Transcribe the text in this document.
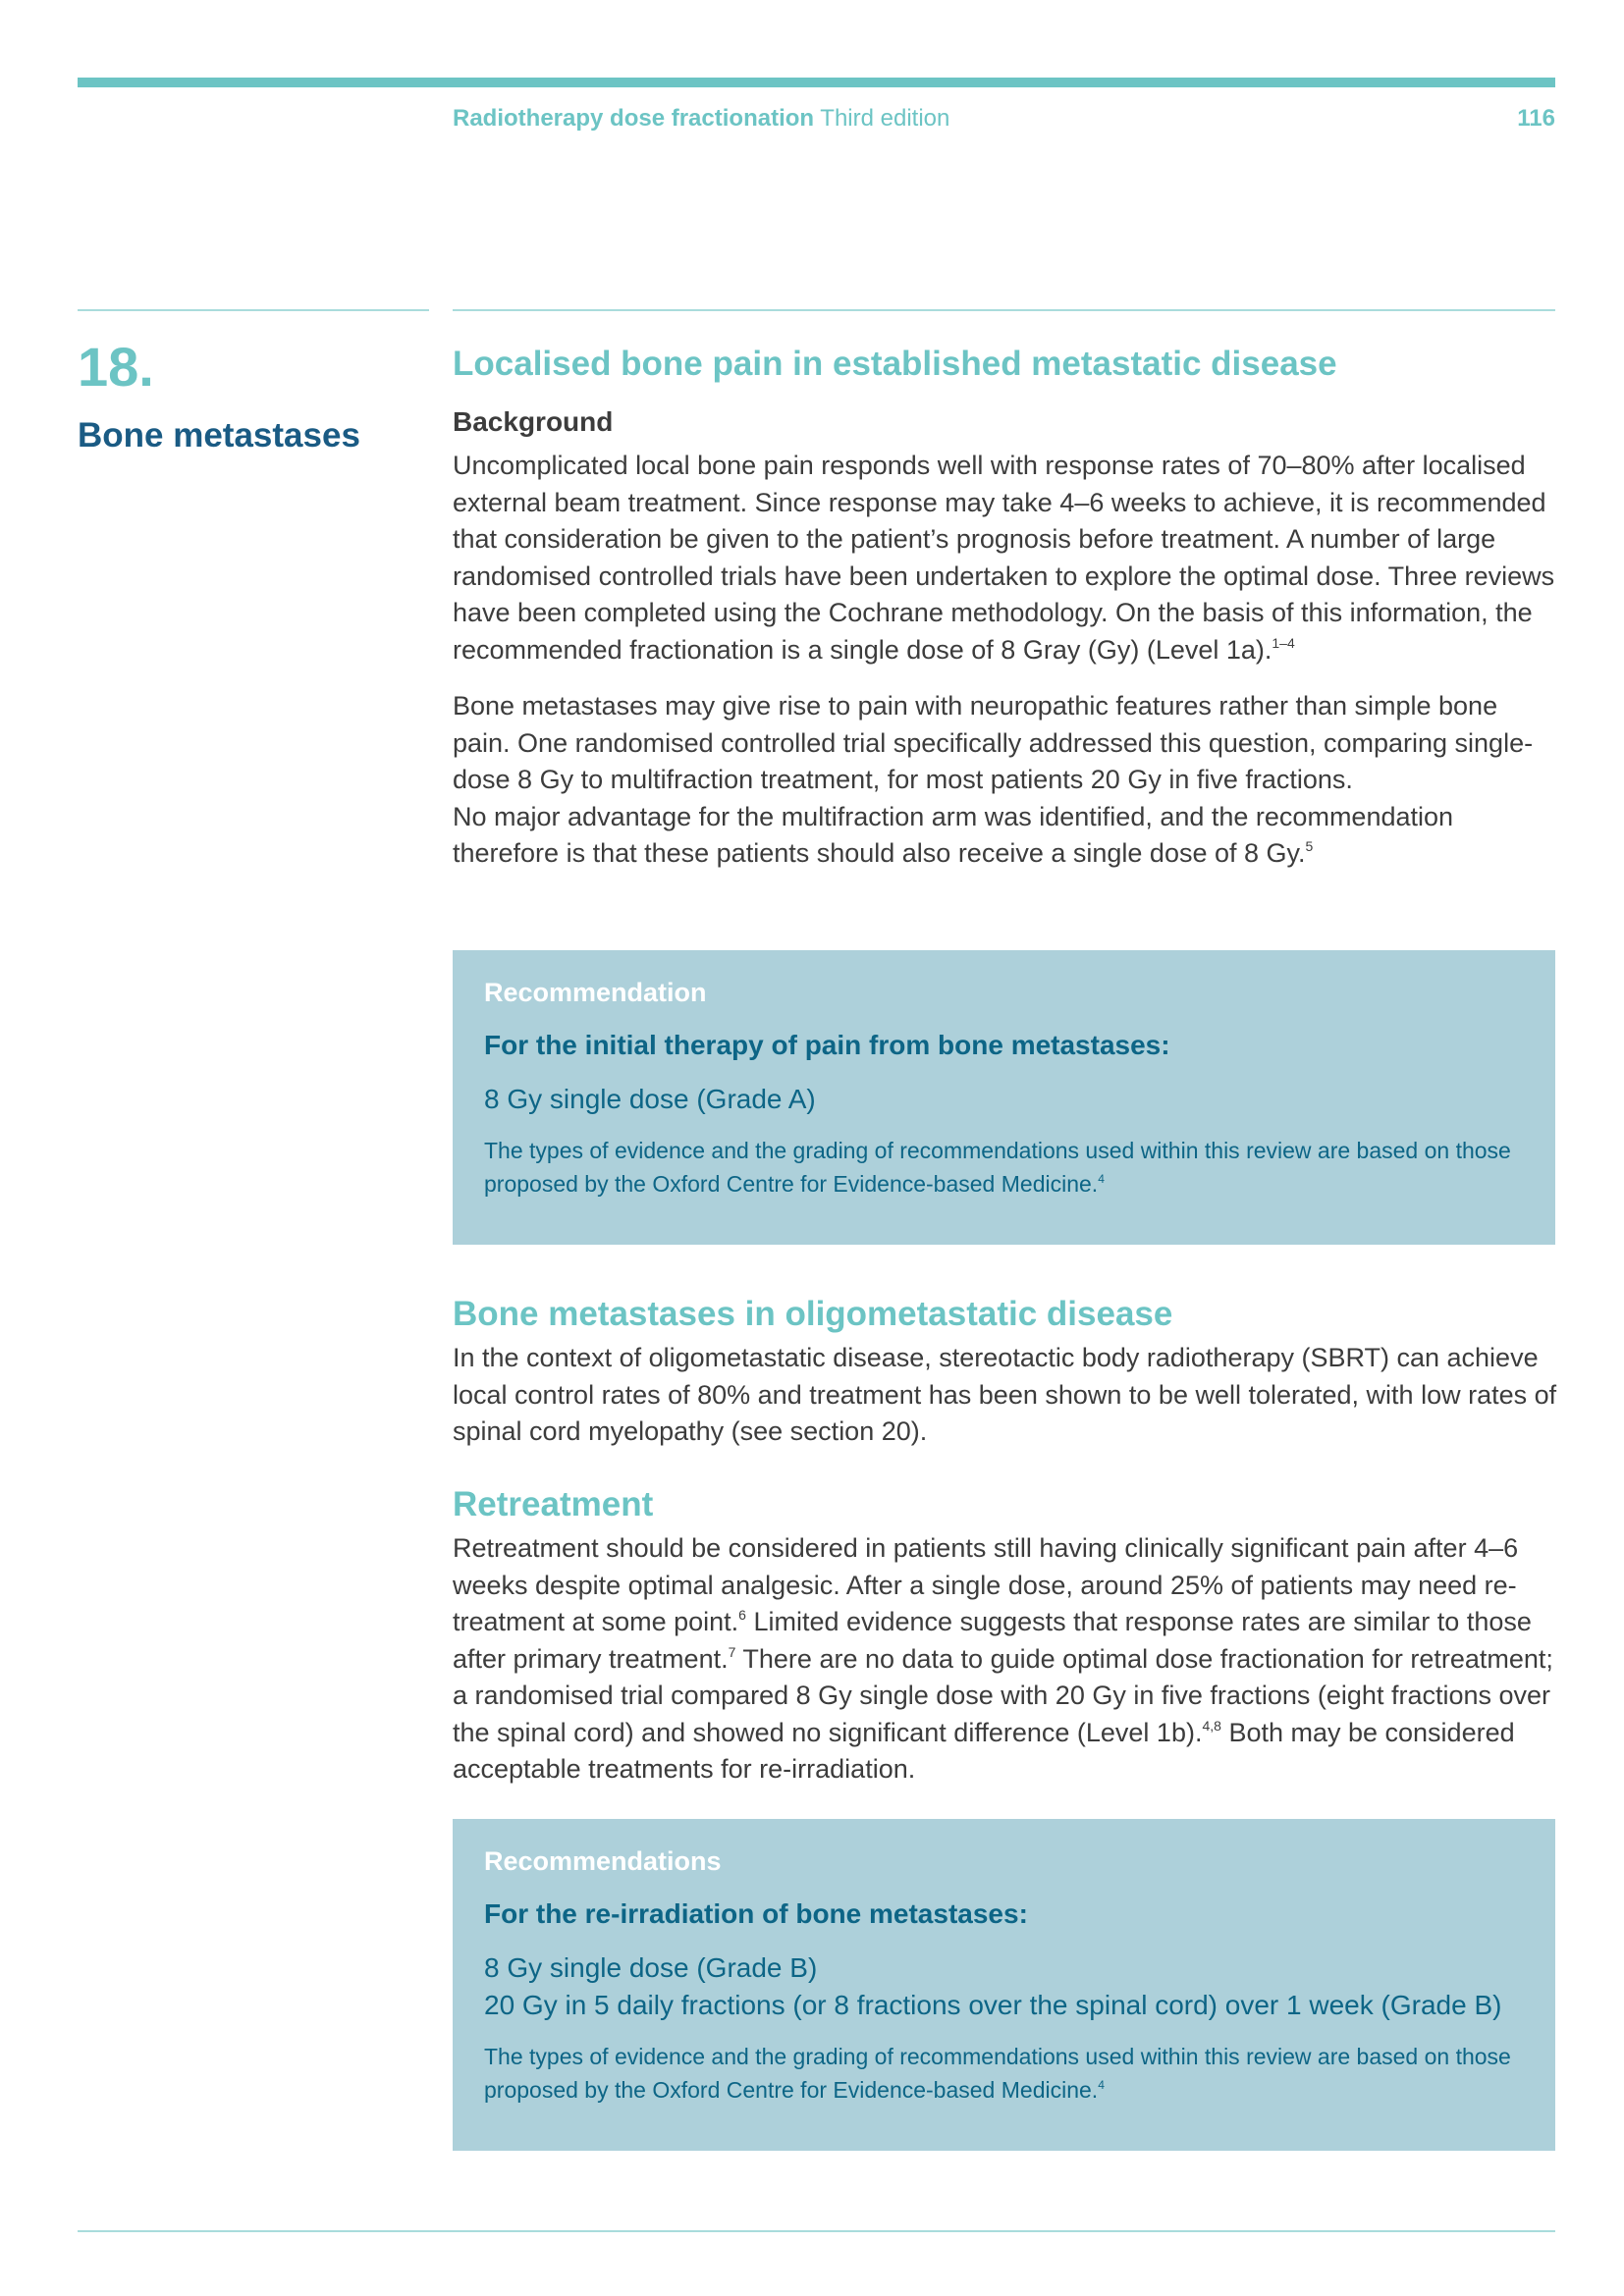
Radiotherapy dose fractionation Third edition	116
18.
Bone metastases
Localised bone pain in established metastatic disease
Background

Uncomplicated local bone pain responds well with response rates of 70–80% after localised external beam treatment. Since response may take 4–6 weeks to achieve, it is recommended that consideration be given to the patient’s prognosis before treatment. A number of large randomised controlled trials have been undertaken to explore the optimal dose. Three reviews have been completed using the Cochrane methodology. On the basis of this information, the recommended fractionation is a single dose of 8 Gray (Gy) (Level 1a).$^{1-4}$

Bone metastases may give rise to pain with neuropathic features rather than simple bone pain. One randomised controlled trial specifically addressed this question, comparing single-dose 8 Gy to multifraction treatment, for most patients 20 Gy in five fractions.
No major advantage for the multifraction arm was identified, and the recommendation therefore is that these patients should also receive a single dose of 8 Gy.$^5$

Recommendation

For the initial therapy of pain from bone metastases:

8 Gy single dose (Grade A)

The types of evidence and the grading of recommendations used within this review are based on those proposed by the Oxford Centre for Evidence-based Medicine.$^4$

Bone metastases in oligometastatic disease

In the context of oligometastatic disease, stereotactic body radiotherapy (SBRT) can achieve local control rates of 80% and treatment has been shown to be well tolerated, with low rates of spinal cord myelopathy (see section 20).

Retreatment

Retreatment should be considered in patients still having clinically significant pain after 4–6 weeks despite optimal analgesic. After a single dose, around 25% of patients may need re-treatment at some point.$^6$ Limited evidence suggests that response rates are similar to those after primary treatment.$^7$ There are no data to guide optimal dose fractionation for retreatment; a randomised trial compared 8 Gy single dose with 20 Gy in five fractions (eight fractions over the spinal cord) and showed no significant difference (Level 1b).$^{4,8}$ Both may be considered acceptable treatments for re-irradiation.

Recommendations

For the re-irradiation of bone metastases:

8 Gy single dose (Grade B)

20 Gy in 5 daily fractions (or 8 fractions over the spinal cord) over 1 week (Grade B)

The types of evidence and the grading of recommendations used within this review are based on those proposed by the Oxford Centre for Evidence-based Medicine.$^4$
